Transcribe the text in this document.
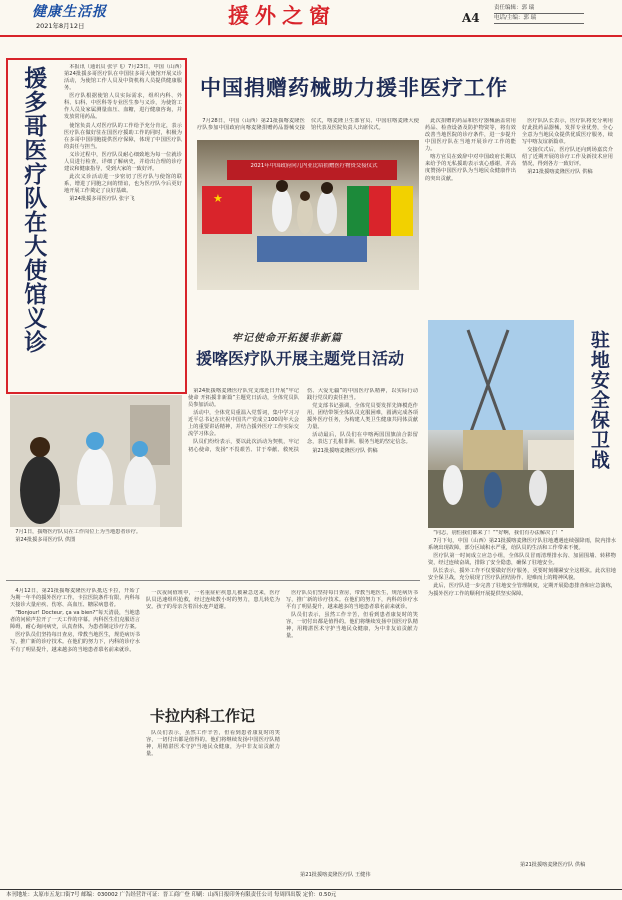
健康生活报
2021年8月12日	援外之窗	A4
责任编辑：郭 瑞
电话/主编：郭 瑞
援多哥医疗队在大使馆义诊	本报讯（通讯员 张宇飞）7月23日，中国（山西）第24批援多哥医疗队在中国驻多哥大使馆开展义诊活动，为使馆工作人员及中资机构人员提供健康服务。

医疗队根据使馆人员实际需求，组织内科、外科、妇科、中医科等专业医生参与义诊，为使馆工作人员及家属测量血压、血糖，进行健康咨询，并发放常用药品。

使馆负责人对医疗队的工作给予充分肯定，表示医疗队在做好驻在国医疗援助工作的同时，积极为在多哥中国同胞提供医疗保障，体现了中国医疗队的责任与担当。

义诊过程中，医疗队员耐心细致地为每一位就诊人员进行检查，详细了解病史，并给出合理的诊疗建议和健康指导，受到大家的一致好评。

此次义诊活动进一步密切了医疗队与使馆的联系，增进了同胞之间的情谊，也为医疗队今后更好地开展工作奠定了良好基础。

第24批援多哥医疗队 张宇飞

中国捐赠药械助力援非医疗工作

7月28日，中国（山西）第21批援喀麦隆医疗队参加中国政府向喀麦隆捐赠药品器械交接仪式，喀麦隆卫生部官员、中国驻喀麦隆大使馆代表及医院负责人出席仪式。

★
2021年中国政府向几内亚比绍捐赠医疗物资交接仪式

此次捐赠的药品和医疗器械涵盖常用药品、检查设备及防护物资等，将有效改善当地医院的诊疗条件，进一步提升中国医疗队在当地开展诊疗工作的能力。

喀方官员在致辞中对中国政府长期以来给予的无私援助表示衷心感谢，并高度赞扬中国医疗队为当地民众健康作出的突出贡献。

医疗队队长表示，医疗队将充分利用好此批药品器械，发挥专业优势，全心全意为当地民众提供优质医疗服务，续写中喀友谊新篇章。

交接仪式后，医疗队还向到场嘉宾介绍了近期开展的诊疗工作及新技术应用情况，得到各方一致好评。

第21批援喀麦隆医疗队 供稿

牢记使命开拓援非新篇
援喀医疗队开展主题党日活动

7月1日，援喀医疗队员在工作岗位上为当地患者诊疗。

第24批援多哥医疗队 供图

第24批援喀麦隆医疗队党支部近日开展“牢记使命 开拓援非新篇”主题党日活动，全体党员队员参加活动。

活动中，全体党员重温入党誓词，集中学习习近平总书记在庆祝中国共产党成立100周年大会上的重要讲话精神，并结合援外医疗工作实际交流学习体会。

队员们纷纷表示，要以此次活动为契机，牢记初心使命，发扬“不畏艰苦、甘于奉献、救死扶伤、大爱无疆”的中国医疗队精神，以实际行动践行党员的责任担当。

党支部书记强调，全体党员要发挥先锋模范作用，团结带领全体队员克服困难，圆满完成各项援外医疗任务，为构建人类卫生健康共同体贡献力量。

活动最后，队员们在中喀两国国旗前合影留念，表达了扎根非洲、服务当地的坚定信念。

第21批援喀麦隆医疗队 供稿	驻地安全保卫战

“同志，别怕我们都来了！”“好啊，我们有办法解决了！”

7月下旬，中国（山西）第21批援喀麦隆医疗队驻地遭遇连续强降雨，院内排水系统出现故障，部分区域积水严重，给队员的生活和工作带来不便。

医疗队第一时间成立应急小组，全体队员冒雨清理排水沟、加固围墙、转移物资，经过连续奋战，排除了安全隐患，确保了驻地安全。

队长表示，援外工作不仅要做好医疗服务，更要时刻绷紧安全这根弦。此次驻地安全保卫战，充分展现了医疗队团结协作、迎难而上的精神风貌。

此后，医疗队进一步完善了驻地安全管理制度，定期开展隐患排查和应急演练，为援外医疗工作的顺利开展提供坚实保障。

第21批援喀麦隆医疗队 供稿
卡拉内科工作记

4月12日，第21批援喀麦隆医疗队抵达卡拉，开始了为期一年半的援外医疗工作。卡拉医院条件有限，内科每天接诊大量疟疾、伤寒、高血压、糖尿病患者。

“Bonjour! Docteur, ça va bien?”每天清晨，当地患者的问候声拉开了一天工作的序幕。内科医生们克服语言障碍，耐心询问病史，认真查体，为患者制定诊疗方案。

医疗队员们坚持每日查房，带教当地医生，规范病历书写，推广新的诊疗技术。在他们的努力下，内科的诊疗水平有了明显提升，越来越多的当地患者慕名前来就诊。

一次夜间值班中，一名重症疟疾患儿被紧急送来，医疗队员迅速组织抢救，经过连续数小时的努力，患儿转危为安。孩子的母亲含着泪水连声道谢。

队员们表示，虽然工作辛苦，但看到患者康复时的笑容，一切付出都是值得的。他们将继续发扬中国医疗队精神，用精湛医术守护当地民众健康，为中非友谊贡献力量。

医疗队员们坚持每日查房，带教当地医生，规范病历书写，推广新的诊疗技术。在他们的努力下，内科的诊疗水平有了明显提升，越来越多的当地患者慕名前来就诊。

队员们表示，虽然工作辛苦，但看到患者康复时的笑容，一切付出都是值得的。他们将继续发扬中国医疗队精神，用精湛医术守护当地民众健康，为中非友谊贡献力量。

第21批援喀麦隆医疗队 王健伟
本刊地址：太原市五龙口街7号 邮编：030002 广告经营许可证：晋工商广登 印刷：山西日报印务有限责任公司 每周四出版 定价：0.50元
